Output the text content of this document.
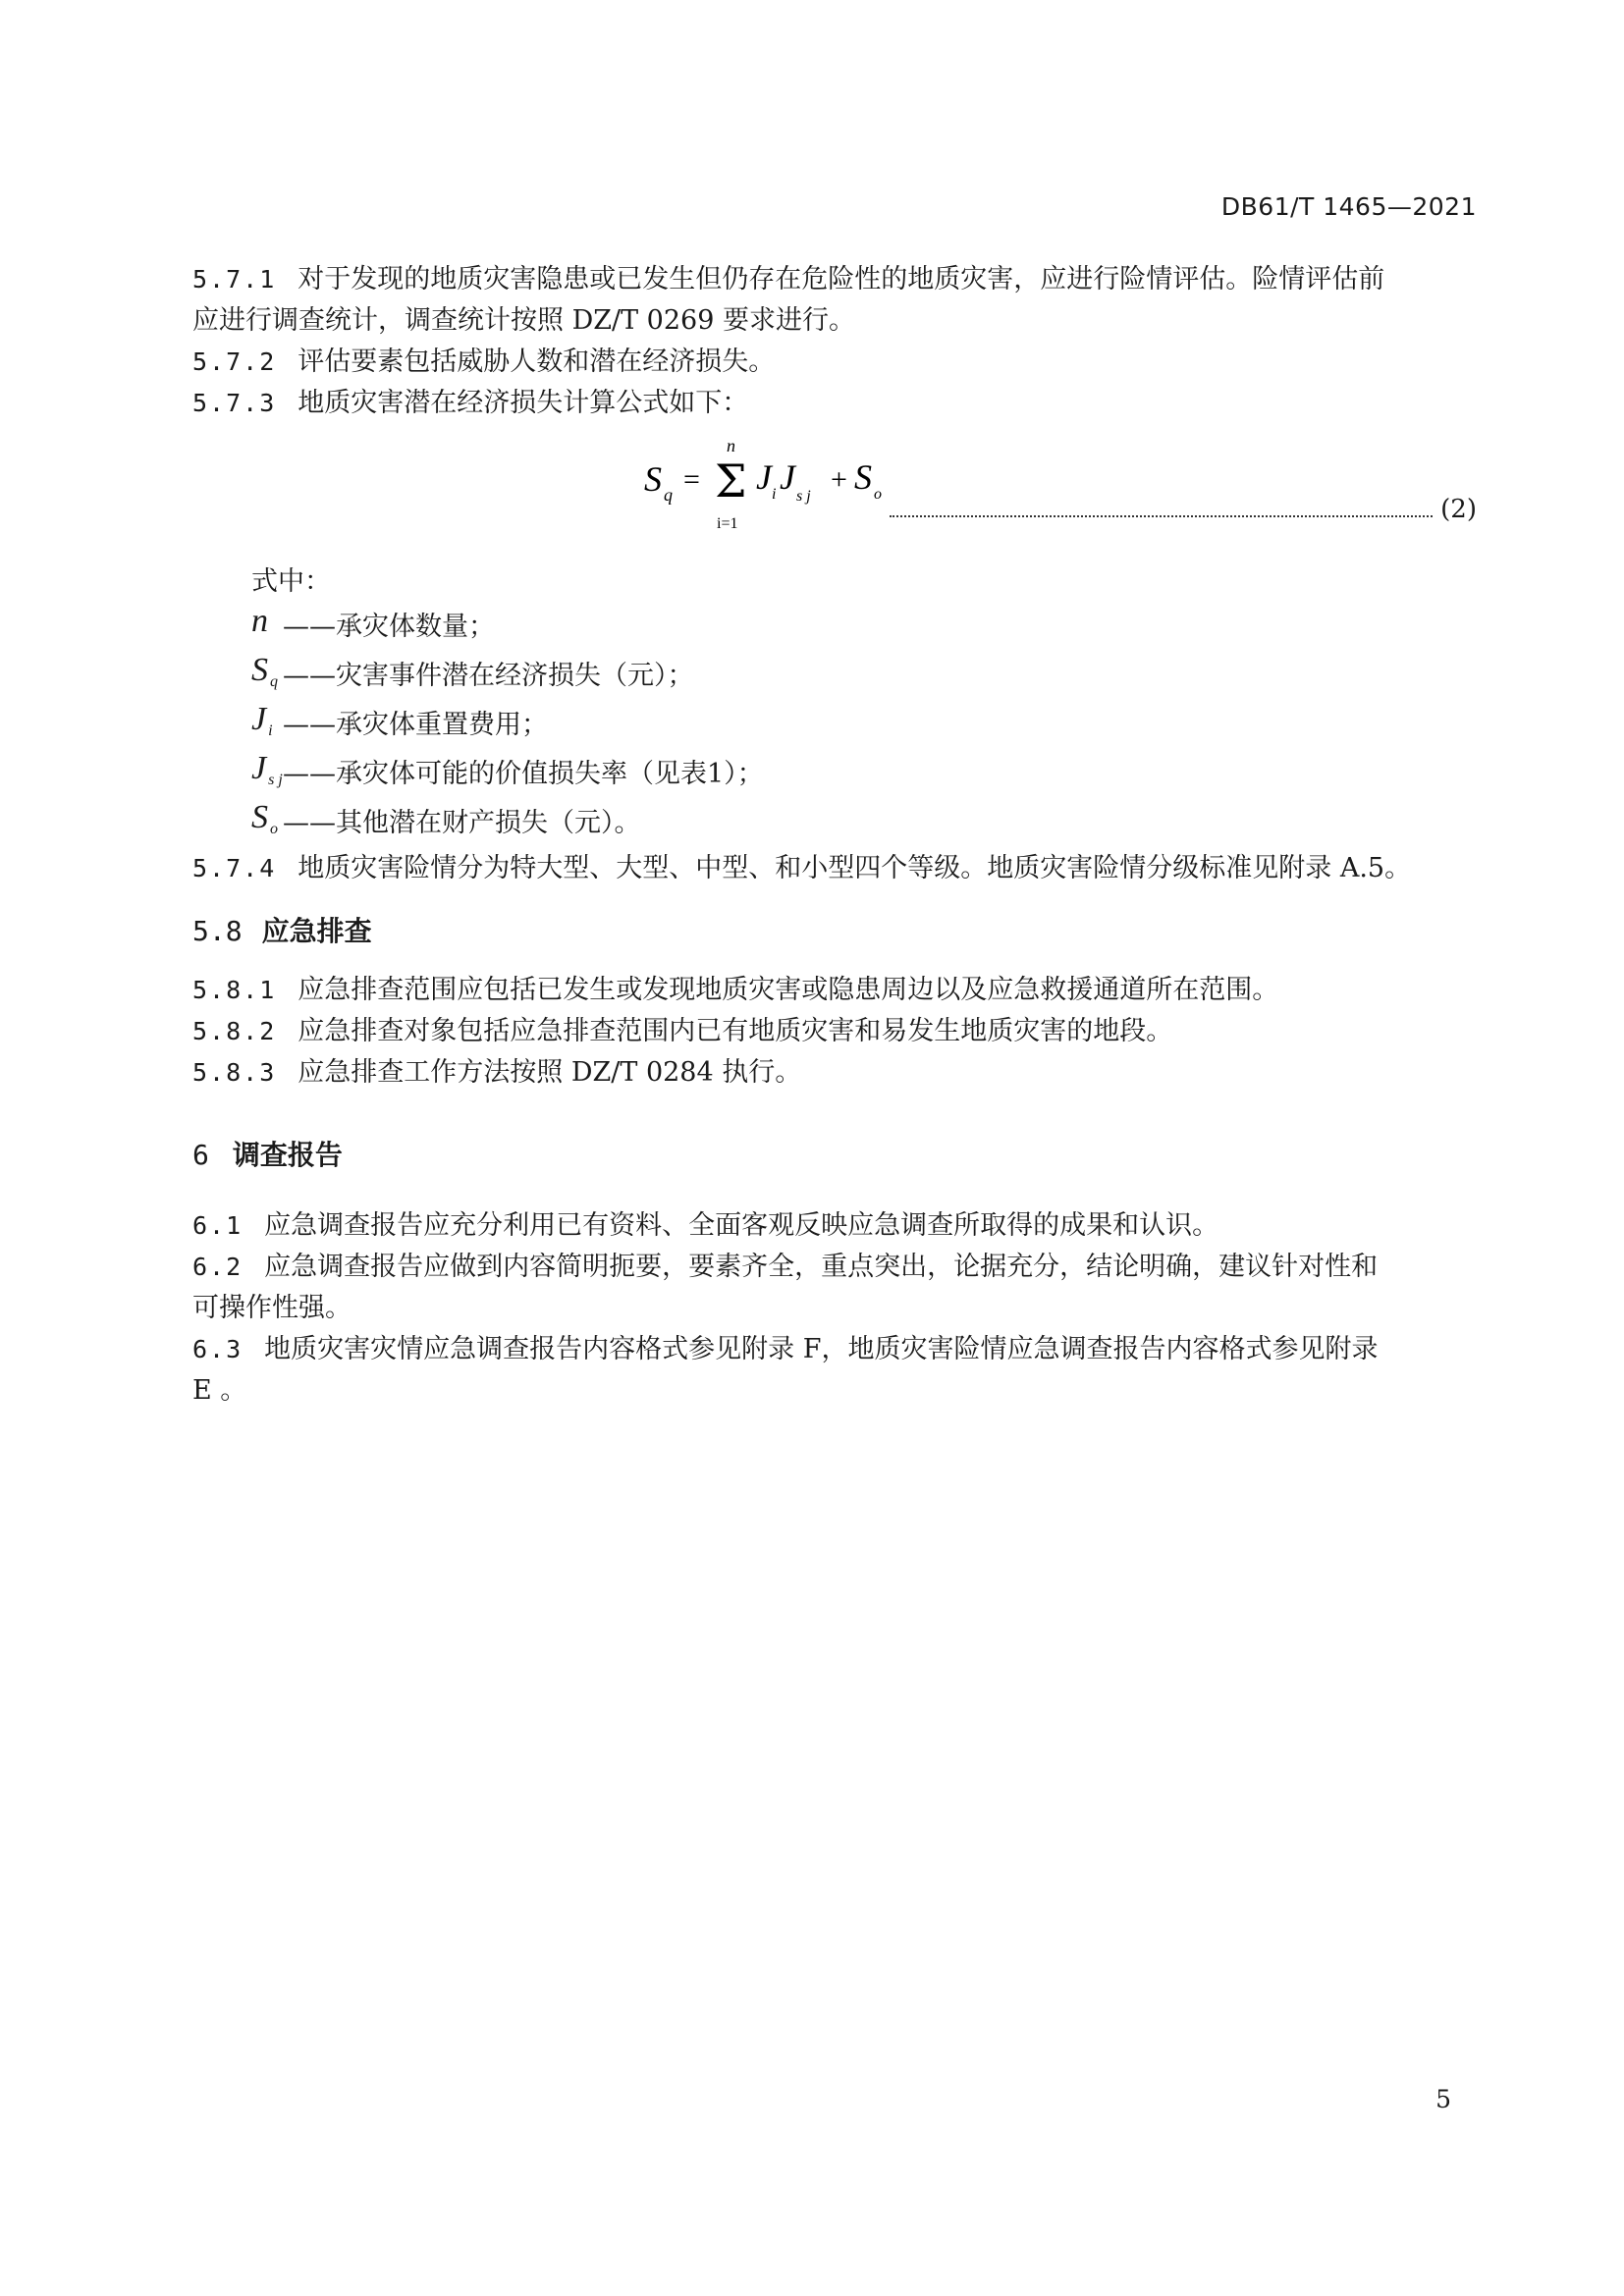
DB61/T 1465—2021

5.7.1 对于发现的地质灾害隐患或已发生但仍存在危险性的地质灾害，应进行险情评估。险情评估前

应进行调查统计，调查统计按照 DZ/T 0269 要求进行。

5.7.2 评估要素包括威胁人数和潜在经济损失。

5.7.3 地质灾害潜在经济损失计算公式如下：

S q =
n
Σ
i=1
J i J s j
+ S o
(2)

式中：

n ——承灾体数量；
S $_q$ ——灾害事件潜在经济损失（元）；
J $_i$ ——承灾体重置费用；
J $_{s j}$ ——承灾体可能的价值损失率（见表1）；
S $_o$ ——其他潜在财产损失（元）。

5.7.4 地质灾害险情分为特大型、大型、中型、和小型四个等级。地质灾害险情分级标准见附录 A.5。

5.8 应急排查

5.8.1 应急排查范围应包括已发生或发现地质灾害或隐患周边以及应急救援通道所在范围。

5.8.2 应急排查对象包括应急排查范围内已有地质灾害和易发生地质灾害的地段。

5.8.3 应急排查工作方法按照 DZ/T 0284 执行。

6 调查报告

6.1 应急调查报告应充分利用已有资料、全面客观反映应急调查所取得的成果和认识。

6.2 应急调查报告应做到内容简明扼要，要素齐全，重点突出，论据充分，结论明确，建议针对性和

可操作性强。

6.3 地质灾害灾情应急调查报告内容格式参见附录 F，地质灾害险情应急调查报告内容格式参见附录

E 。

5
